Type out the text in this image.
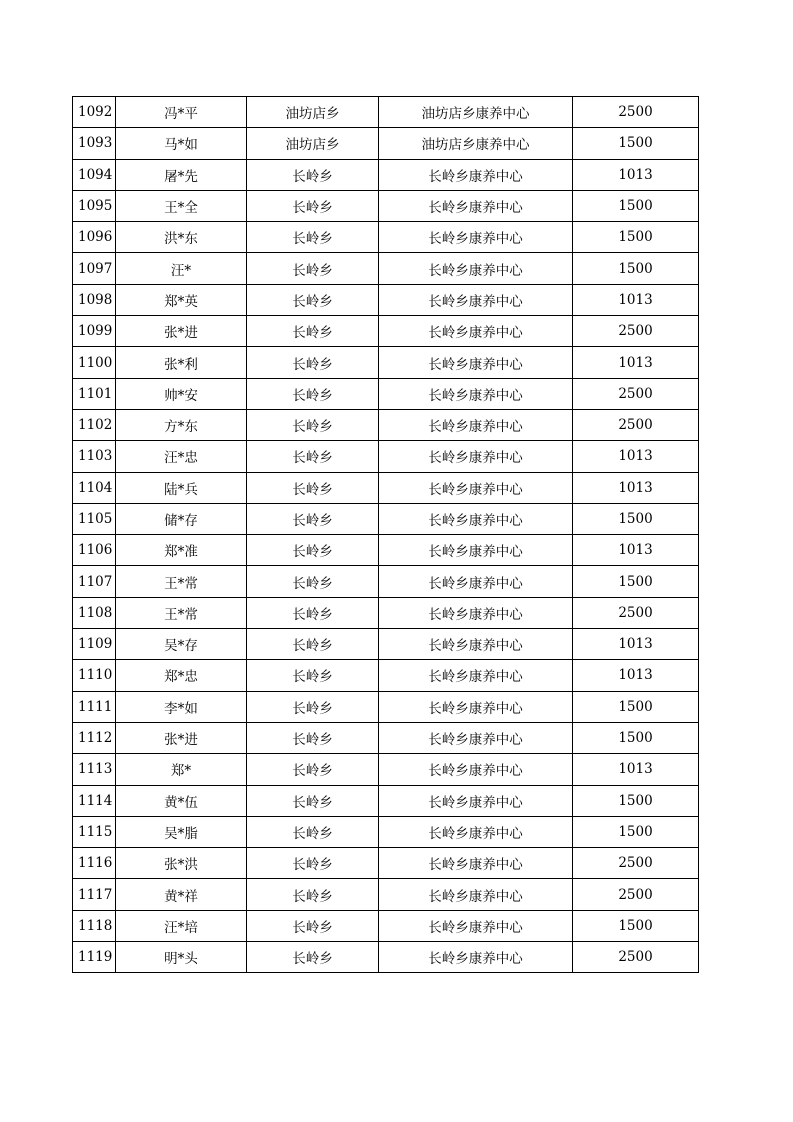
1092	冯*平	油坊店乡	油坊店乡康养中心	2500
1093	马*如	油坊店乡	油坊店乡康养中心	1500
1094	屠*先	长岭乡	长岭乡康养中心	1013
1095	王*全	长岭乡	长岭乡康养中心	1500
1096	洪*东	长岭乡	长岭乡康养中心	1500
1097	汪*	长岭乡	长岭乡康养中心	1500
1098	郑*英	长岭乡	长岭乡康养中心	1013
1099	张*进	长岭乡	长岭乡康养中心	2500
1100	张*利	长岭乡	长岭乡康养中心	1013
1101	帅*安	长岭乡	长岭乡康养中心	2500
1102	方*东	长岭乡	长岭乡康养中心	2500
1103	汪*忠	长岭乡	长岭乡康养中心	1013
1104	陆*兵	长岭乡	长岭乡康养中心	1013
1105	储*存	长岭乡	长岭乡康养中心	1500
1106	郑*准	长岭乡	长岭乡康养中心	1013
1107	王*常	长岭乡	长岭乡康养中心	1500
1108	王*常	长岭乡	长岭乡康养中心	2500
1109	吴*存	长岭乡	长岭乡康养中心	1013
1110	郑*忠	长岭乡	长岭乡康养中心	1013
1111	李*如	长岭乡	长岭乡康养中心	1500
1112	张*进	长岭乡	长岭乡康养中心	1500
1113	郑*	长岭乡	长岭乡康养中心	1013
1114	黄*伍	长岭乡	长岭乡康养中心	1500
1115	吴*脂	长岭乡	长岭乡康养中心	1500
1116	张*洪	长岭乡	长岭乡康养中心	2500
1117	黄*祥	长岭乡	长岭乡康养中心	2500
1118	汪*培	长岭乡	长岭乡康养中心	1500
1119	明*头	长岭乡	长岭乡康养中心	2500
